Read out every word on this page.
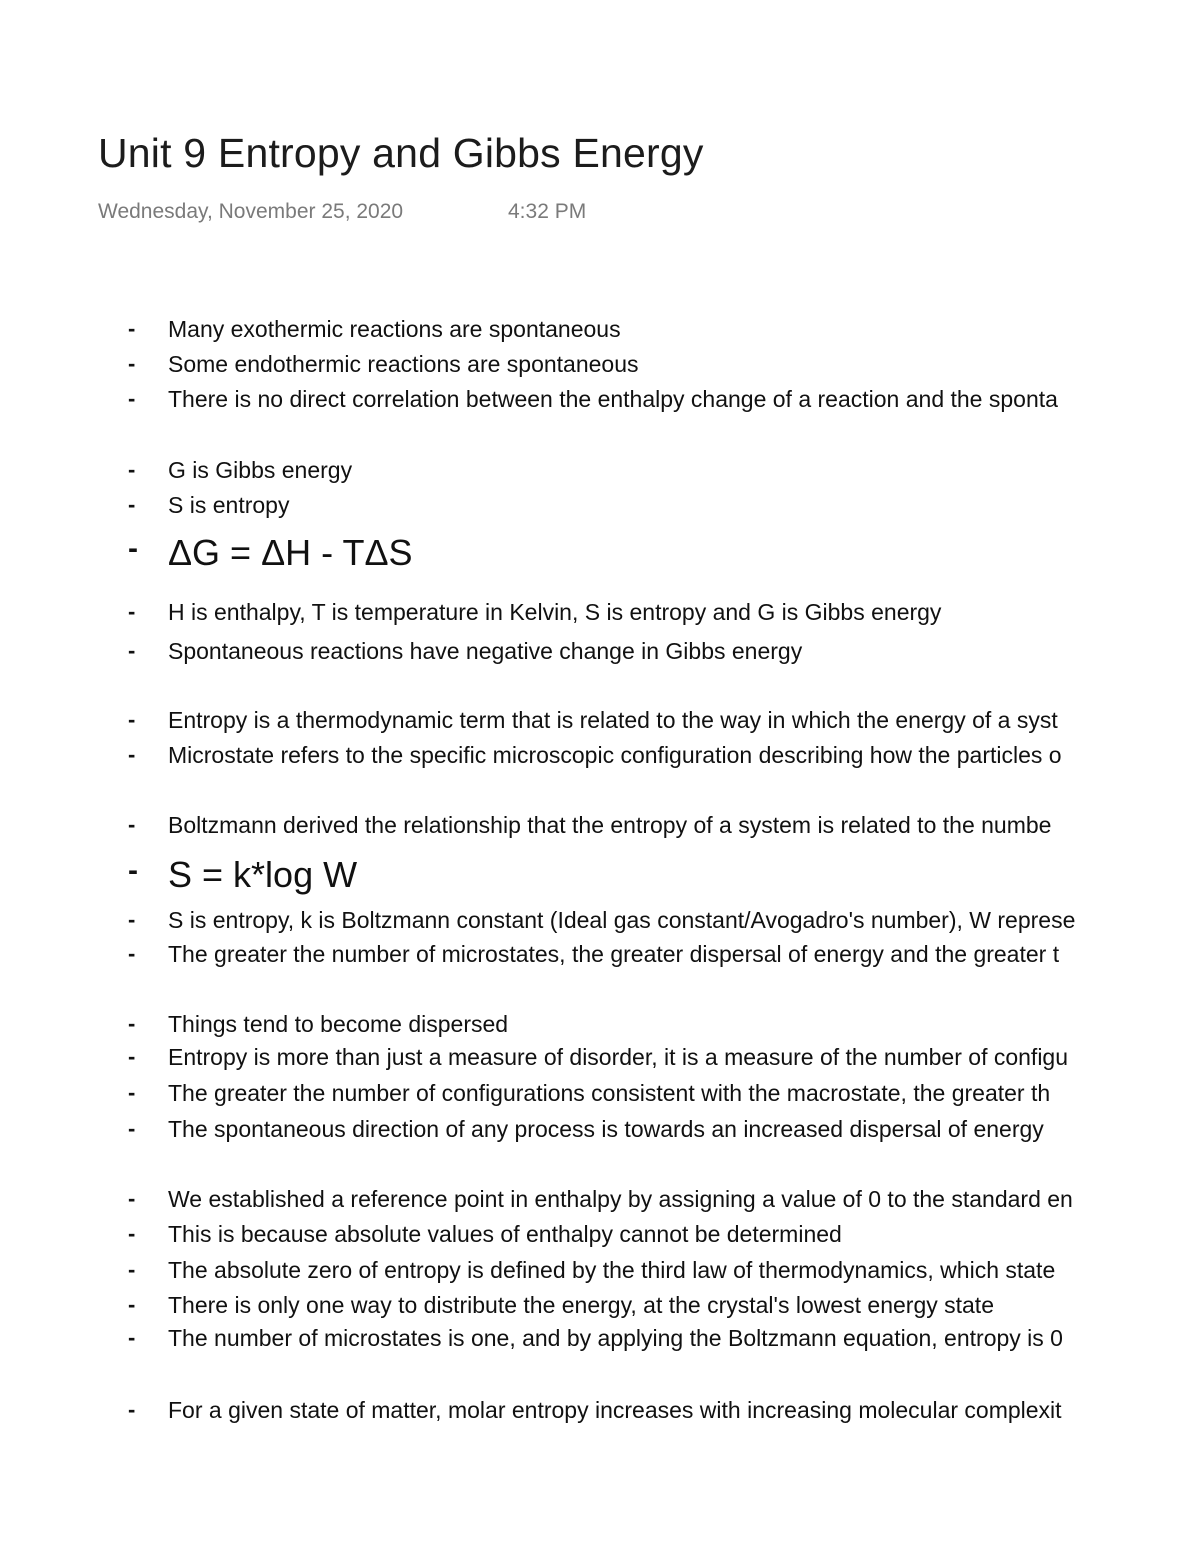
Unit 9 Entropy and Gibbs Energy
Wednesday, November 25, 2020	4:32 PM
- Many exothermic reactions are spontaneous
- Some endothermic reactions are spontaneous
- There is no direct correlation between the enthalpy change of a reaction and the sponta
- G is Gibbs energy
- S is entropy
- ΔG = ΔH - TΔS
- H is enthalpy, T is temperature in Kelvin, S is entropy and G is Gibbs energy
- Spontaneous reactions have negative change in Gibbs energy
- Entropy is a thermodynamic term that is related to the way in which the energy of a syst
- Microstate refers to the specific microscopic configuration describing how the particles o
- Boltzmann derived the relationship that the entropy of a system is related to the numbe
- S = k*log W
- S is entropy, k is Boltzmann constant (Ideal gas constant/Avogadro's number), W represe
- The greater the number of microstates, the greater dispersal of energy and the greater t
- Things tend to become dispersed
- Entropy is more than just a measure of disorder, it is a measure of the number of configu
- The greater the number of configurations consistent with the macrostate, the greater th
- The spontaneous direction of any process is towards an increased dispersal of energy
- We established a reference point in enthalpy by assigning a value of 0 to the standard en
- This is because absolute values of enthalpy cannot be determined
- The absolute zero of entropy is defined by the third law of thermodynamics, which state
- There is only one way to distribute the energy, at the crystal's lowest energy state
- The number of microstates is one, and by applying the Boltzmann equation, entropy is 0
- For a given state of matter, molar entropy increases with increasing molecular complexit
